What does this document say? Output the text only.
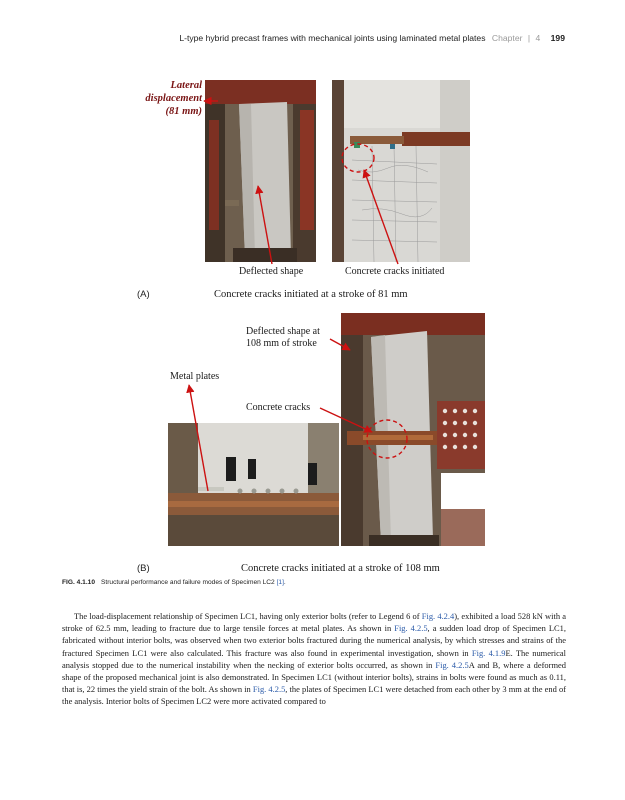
L-type hybrid precast frames with mechanical joints using laminated metal plates Chapter | 4 199
Lateral
displacement
(81 mm)
Deflected shape	Concrete cracks initiated
(A)	Concrete cracks initiated at a stroke of 81 mm
Deflected shape at
108 mm of stroke
Metal plates
Concrete cracks
(B)	Concrete cracks initiated at a stroke of 108 mm
FIG. 4.1.10 Structural performance and failure modes of Specimen LC2 [1].
The load-displacement relationship of Specimen LC1, having only exterior bolts (refer to Legend 6 of Fig. 4.2.4), exhibited a load 528 kN with a stroke of 62.5 mm, leading to fracture due to large tensile forces at metal plates. As shown in Fig. 4.2.5, a sudden load drop of Specimen LC1, fabricated without interior bolts, was observed when two exterior bolts fractured during the numerical analysis, by which stresses and strains of the fractured Specimen LC1 were also calculated. This fracture was also found in experimental investigation, shown in Fig. 4.1.9E. The numerical analysis stopped due to the numerical instability when the necking of exterior bolts occurred, as shown in Fig. 4.2.5A and B, where a deformed shape of the proposed mechanical joint is also demonstrated. In Specimen LC1 (without interior bolts), strains in bolts were found as much as 0.11, that is, 22 times the yield strain of the bolt. As shown in Fig. 4.2.5, the plates of Specimen LC1 were detached from each other by 3 mm at the end of the analysis. Interior bolts of Specimen LC2 were more activated compared to
